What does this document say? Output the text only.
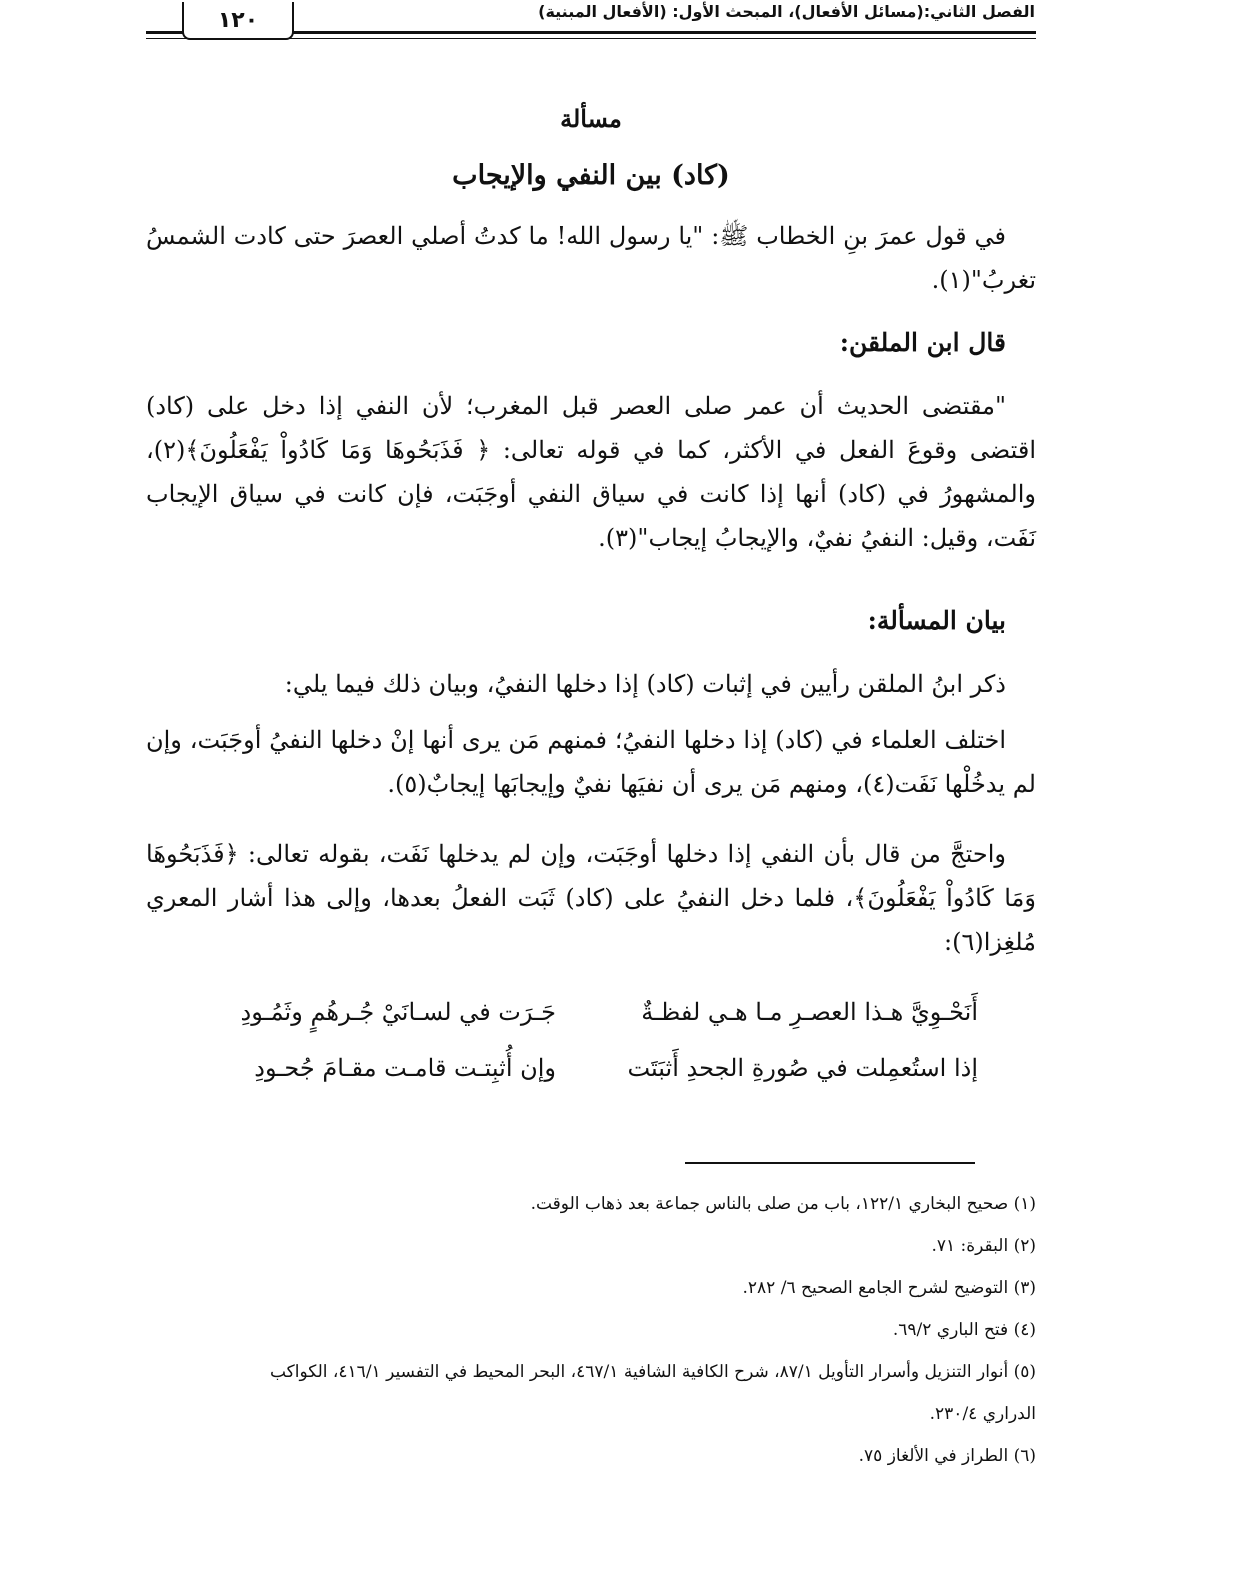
الفصل الثاني:(مسائل الأفعال)، المبحث الأول: (الأفعال المبنية)
١٢٠
مسألة
(كاد) بين النفي والإيجاب
في قول عمرَ بنِ الخطاب ﷺ: "يا رسول الله! ما كدتُ أصلي العصرَ حتى كادت الشمسُ تغربُ"(١).
قال ابن الملقن:
"مقتضى الحديث أن عمر صلى العصر قبل المغرب؛ لأن النفي إذا دخل على (كاد) اقتضى وقوعَ الفعل في الأكثر، كما في قوله تعالى: ﴿ فَذَبَحُوهَا وَمَا كَادُواْ يَفْعَلُونَ﴾(٢)، والمشهورُ في (كاد) أنها إذا كانت في سياق النفي أوجَبَت، فإن كانت في سياق الإيجاب نَفَت، وقيل: النفيُ نفيٌ، والإيجابُ إيجاب"(٣).
بيان المسألة:
ذكر ابنُ الملقن رأيين في إثبات (كاد) إذا دخلها النفيُ، وبيان ذلك فيما يلي:
اختلف العلماء في (كاد) إذا دخلها النفيُ؛ فمنهم مَن يرى أنها إنْ دخلها النفيُ أوجَبَت، وإن لم يدخُلْها نَفَت(٤)، ومنهم مَن يرى أن نفيَها نفيٌ وإيجابَها إيجابٌ(٥).
واحتجَّ من قال بأن النفي إذا دخلها أوجَبَت، وإن لم يدخلها نَفَت، بقوله تعالى: ﴿فَذَبَحُوهَا وَمَا كَادُواْ يَفْعَلُونَ﴾، فلما دخل النفيُ على (كاد) ثَبَت الفعلُ بعدها، وإلى هذا أشار المعري مُلغِزا(٦):
أَنَحْـوِيَّ هـذا العصـرِ مـا هـي لفظـةٌ
جَـرَت في لسـانَيْ جُـرهُمٍ وثَمُـودِ
إذا استُعمِلت في صُورةِ الجحدِ أَثبَتَت
وإن أُثبِتـت قامـت مقـامَ جُحـودِ
(١) صحيح البخاري ١٢٢/١، باب من صلى بالناس جماعة بعد ذهاب الوقت.
(٢) البقرة: ٧١.
(٣) التوضيح لشرح الجامع الصحيح ٦/ ٢٨٢.
(٤) فتح الباري ٦٩/٢.
(٥) أنوار التنزيل وأسرار التأويل ٨٧/١، شرح الكافية الشافية ٤٦٧/١، البحر المحيط في التفسير ٤١٦/١، الكواكب
الدراري ٢٣٠/٤.
(٦) الطراز في الألغاز ٧٥.
